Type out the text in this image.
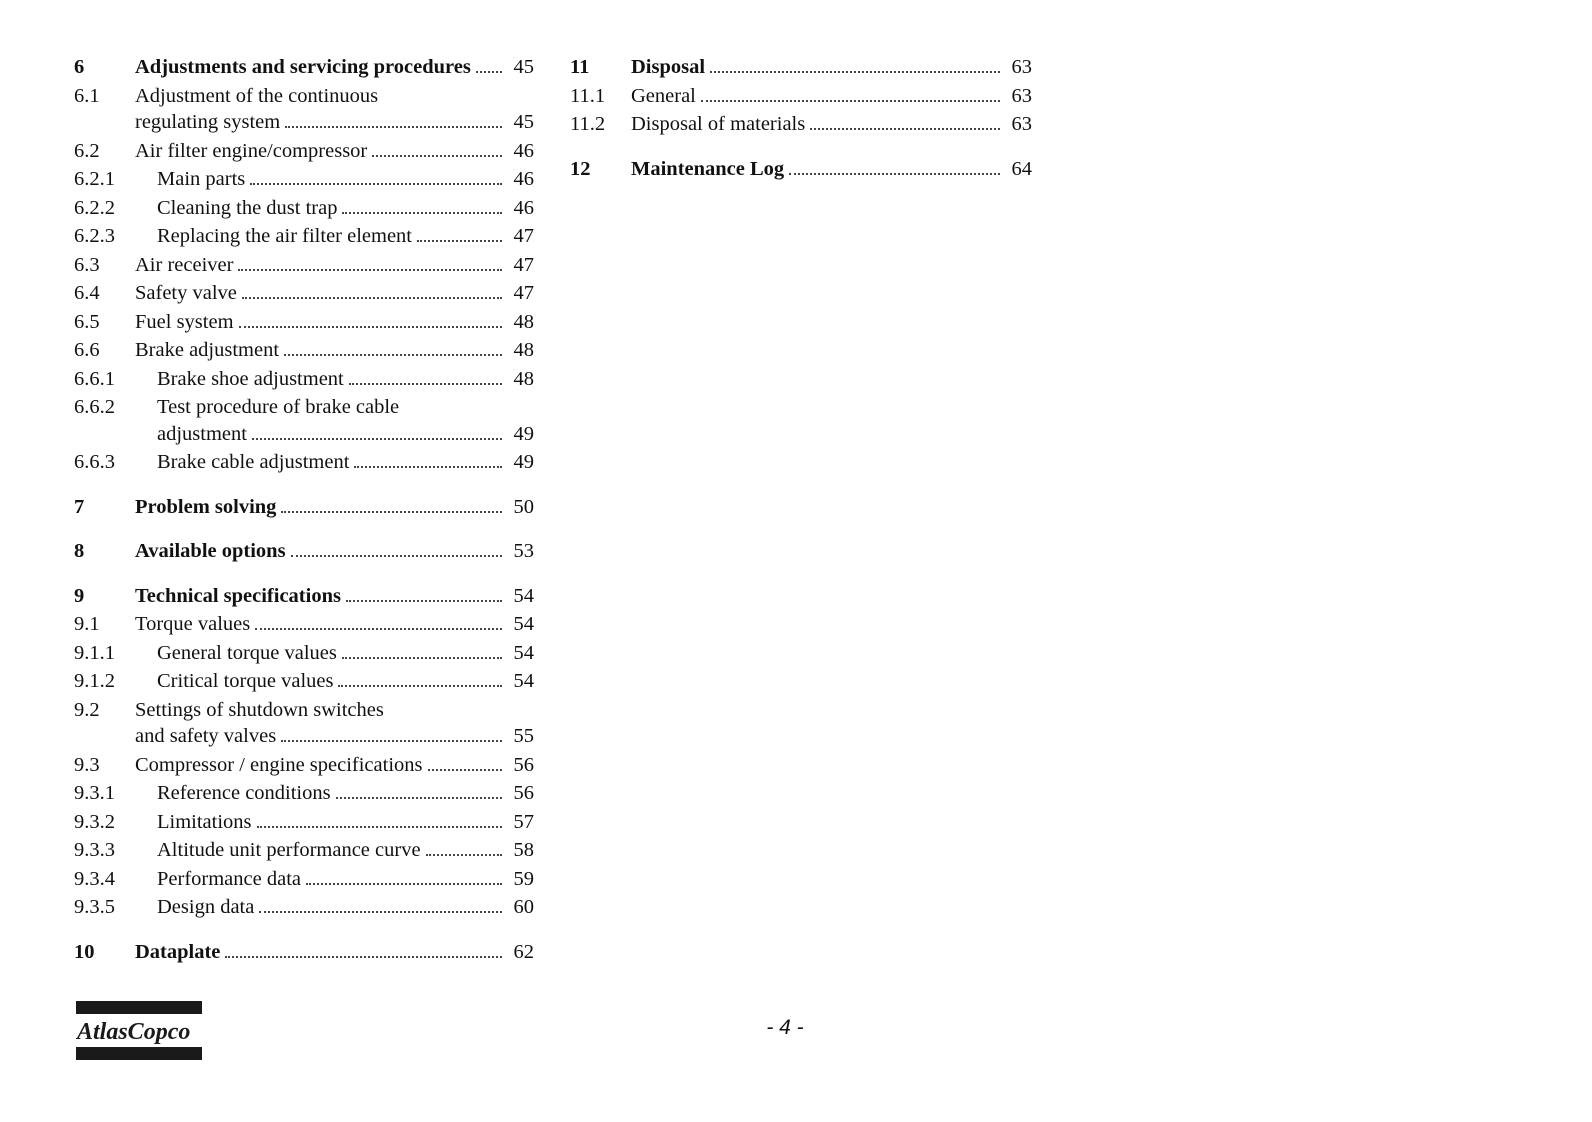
6	Adjustments and servicing procedures 45
6.1	Adjustment of the continuous
regulating system	45
6.2	Air filter engine/compressor	46
6.2.1	Main parts	46
6.2.2	Cleaning the dust trap	46
6.2.3	Replacing the air filter element	47
6.3	Air receiver	47
6.4	Safety valve	47
6.5	Fuel system	48
6.6	Brake adjustment	48
6.6.1	Brake shoe adjustment	48
6.6.2	Test procedure of brake cable
adjustment	49
6.6.3	Brake cable adjustment	49
7	Problem solving	50
8	Available options	53
9	Technical specifications	54
9.1	Torque values	54
9.1.1	General torque values	54
9.1.2	Critical torque values	54
9.2	Settings of shutdown switches
and safety valves	55
9.3	Compressor / engine specifications	56
9.3.1	Reference conditions	56
9.3.2	Limitations	57
9.3.3	Altitude unit performance curve	58
9.3.4	Performance data	59
9.3.5	Design data	60
10	Dataplate	62
11	Disposal	63
11.1	General	63
11.2	Disposal of materials	63
12	Maintenance Log	64
AtlasCopco	- 4 -
